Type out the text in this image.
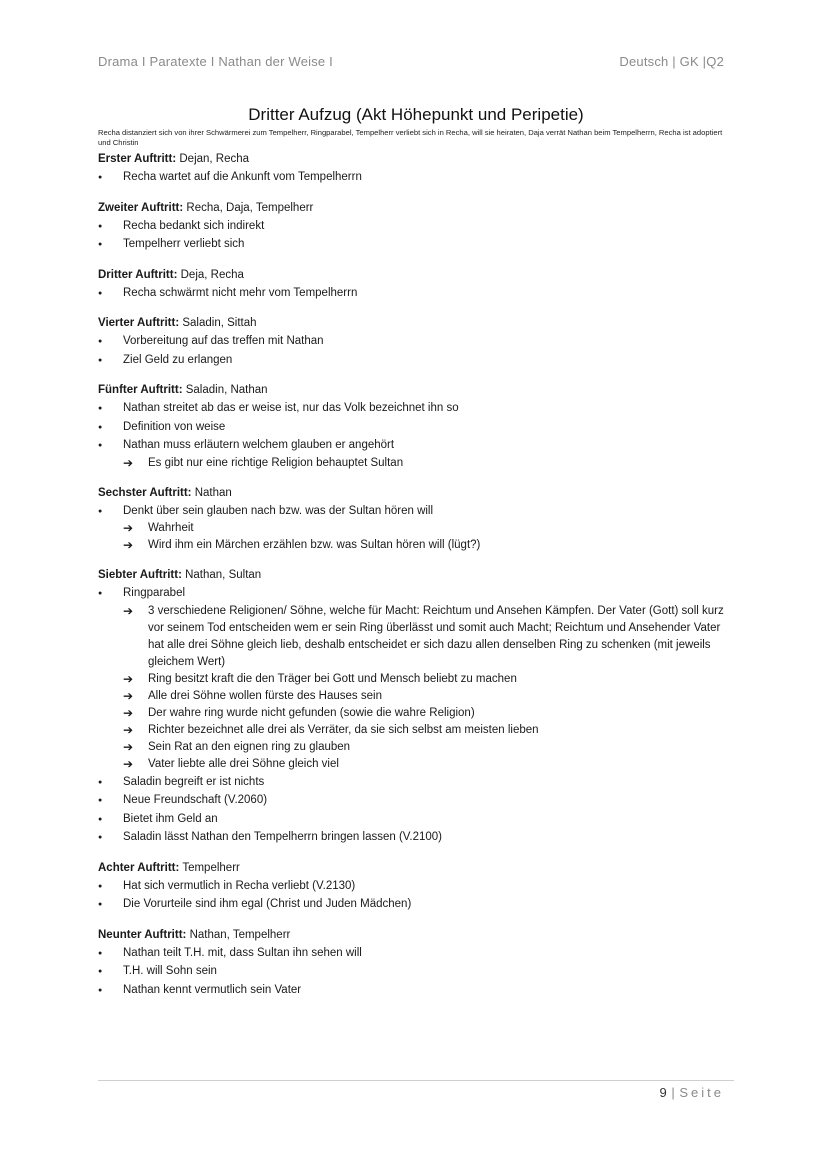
Drama I Paratexte I Nathan der Weise I	Deutsch | GK |Q2
Dritter Aufzug (Akt Höhepunkt und Peripetie)
Recha distanziert sich von ihrer Schwärmerei zum Tempelherr, Ringparabel, Tempelherr verliebt sich in Recha, will sie heiraten, Daja verrät Nathan beim Tempelherrn, Recha ist adoptiert und Christin
Erster Auftritt: Dejan, Recha
● Recha wartet auf die Ankunft vom Tempelherrn
Zweiter Auftritt: Recha, Daja, Tempelherr
● Recha bedankt sich indirekt
● Tempelherr verliebt sich
Dritter Auftritt: Deja, Recha
● Recha schwärmt nicht mehr vom Tempelherrn
Vierter Auftritt: Saladin, Sittah
● Vorbereitung auf das treffen mit Nathan
● Ziel Geld zu erlangen
Fünfter Auftritt: Saladin, Nathan
● Nathan streitet ab das er weise ist, nur das Volk bezeichnet ihn so
● Definition von weise
● Nathan muss erläutern welchem glauben er angehört
➔ Es gibt nur eine richtige Religion behauptet Sultan
Sechster Auftritt: Nathan
● Denkt über sein glauben nach bzw. was der Sultan hören will
➔ Wahrheit
➔ Wird ihm ein Märchen erzählen bzw. was Sultan hören will (lügt?)
Siebter Auftritt: Nathan, Sultan
● Ringparabel
➔ 3 verschiedene Religionen/ Söhne, welche für Macht: Reichtum und Ansehen Kämpfen. Der Vater (Gott) soll kurz vor seinem Tod entscheiden wem er sein Ring überlässt und somit auch Macht; Reichtum und Ansehender Vater hat alle drei Söhne gleich lieb, deshalb entscheidet er sich dazu allen denselben Ring zu schenken (mit jeweils gleichem Wert)
➔ Ring besitzt kraft die den Träger bei Gott und Mensch beliebt zu machen
➔ Alle drei Söhne wollen fürste des Hauses sein
➔ Der wahre ring wurde nicht gefunden (sowie die wahre Religion)
➔ Richter bezeichnet alle drei als Verräter, da sie sich selbst am meisten lieben
➔ Sein Rat an den eignen ring zu glauben
➔ Vater liebte alle drei Söhne gleich viel
● Saladin begreift er ist nichts
● Neue Freundschaft (V.2060)
● Bietet ihm Geld an
● Saladin lässt Nathan den Tempelherrn bringen lassen (V.2100)
Achter Auftritt: Tempelherr
● Hat sich vermutlich in Recha verliebt (V.2130)
● Die Vorurteile sind ihm egal (Christ und Juden Mädchen)
Neunter Auftritt: Nathan, Tempelherr
● Nathan teilt T.H. mit, dass Sultan ihn sehen will
● T.H. will Sohn sein
● Nathan kennt vermutlich sein Vater
9 | Seite
